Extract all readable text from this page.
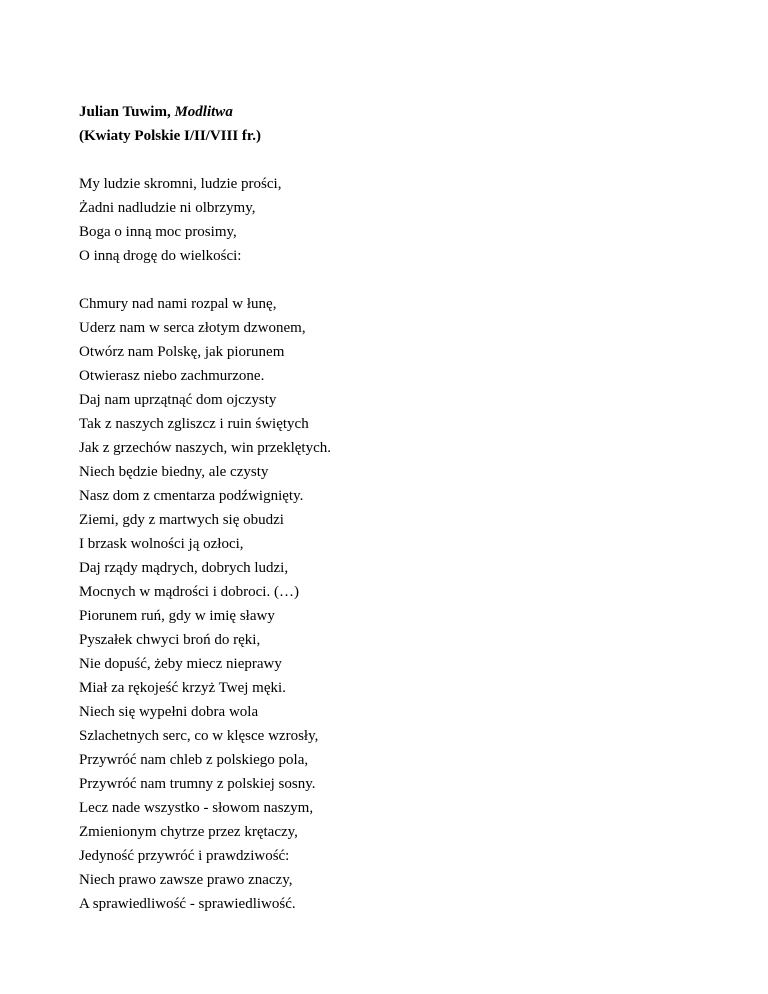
Julian Tuwim, Modlitwa
(Kwiaty Polskie I/II/VIII fr.)
My ludzie skromni, ludzie prości,
Żadni nadludzie ni olbrzymy,
Boga o inną moc prosimy,
O inną drogę do wielkości:
Chmury nad nami rozpal w łunę,
Uderz nam w serca złotym dzwonem,
Otwórz nam Polskę, jak piorunem
Otwierasz niebo zachmurzone.
Daj nam uprzątnąć dom ojczysty
Tak z naszych zgliszcz i ruin świętych
Jak z grzechów naszych, win przeklętych.
Niech będzie biedny, ale czysty
Nasz dom z cmentarza podźwignięty.
Ziemi, gdy z martwych się obudzi
I brzask wolności ją ozłoci,
Daj rządy mądrych, dobrych ludzi,
Mocnych w mądrości i dobroci. (…)
Piorunem ruń, gdy w imię sławy
Pyszałek chwyci broń do ręki,
Nie dopuść, żeby miecz nieprawy
Miał za rękojeść krzyż Twej męki.
Niech się wypełni dobra wola
Szlachetnych serc, co w klęsce wzrosły,
Przywróć nam chleb z polskiego pola,
Przywróć nam trumny z polskiej sosny.
Lecz nade wszystko - słowom naszym,
Zmienionym chytrze przez krętaczy,
Jedyność przywróć i prawdziwość:
Niech prawo zawsze prawo znaczy,
A sprawiedliwość - sprawiedliwość.
